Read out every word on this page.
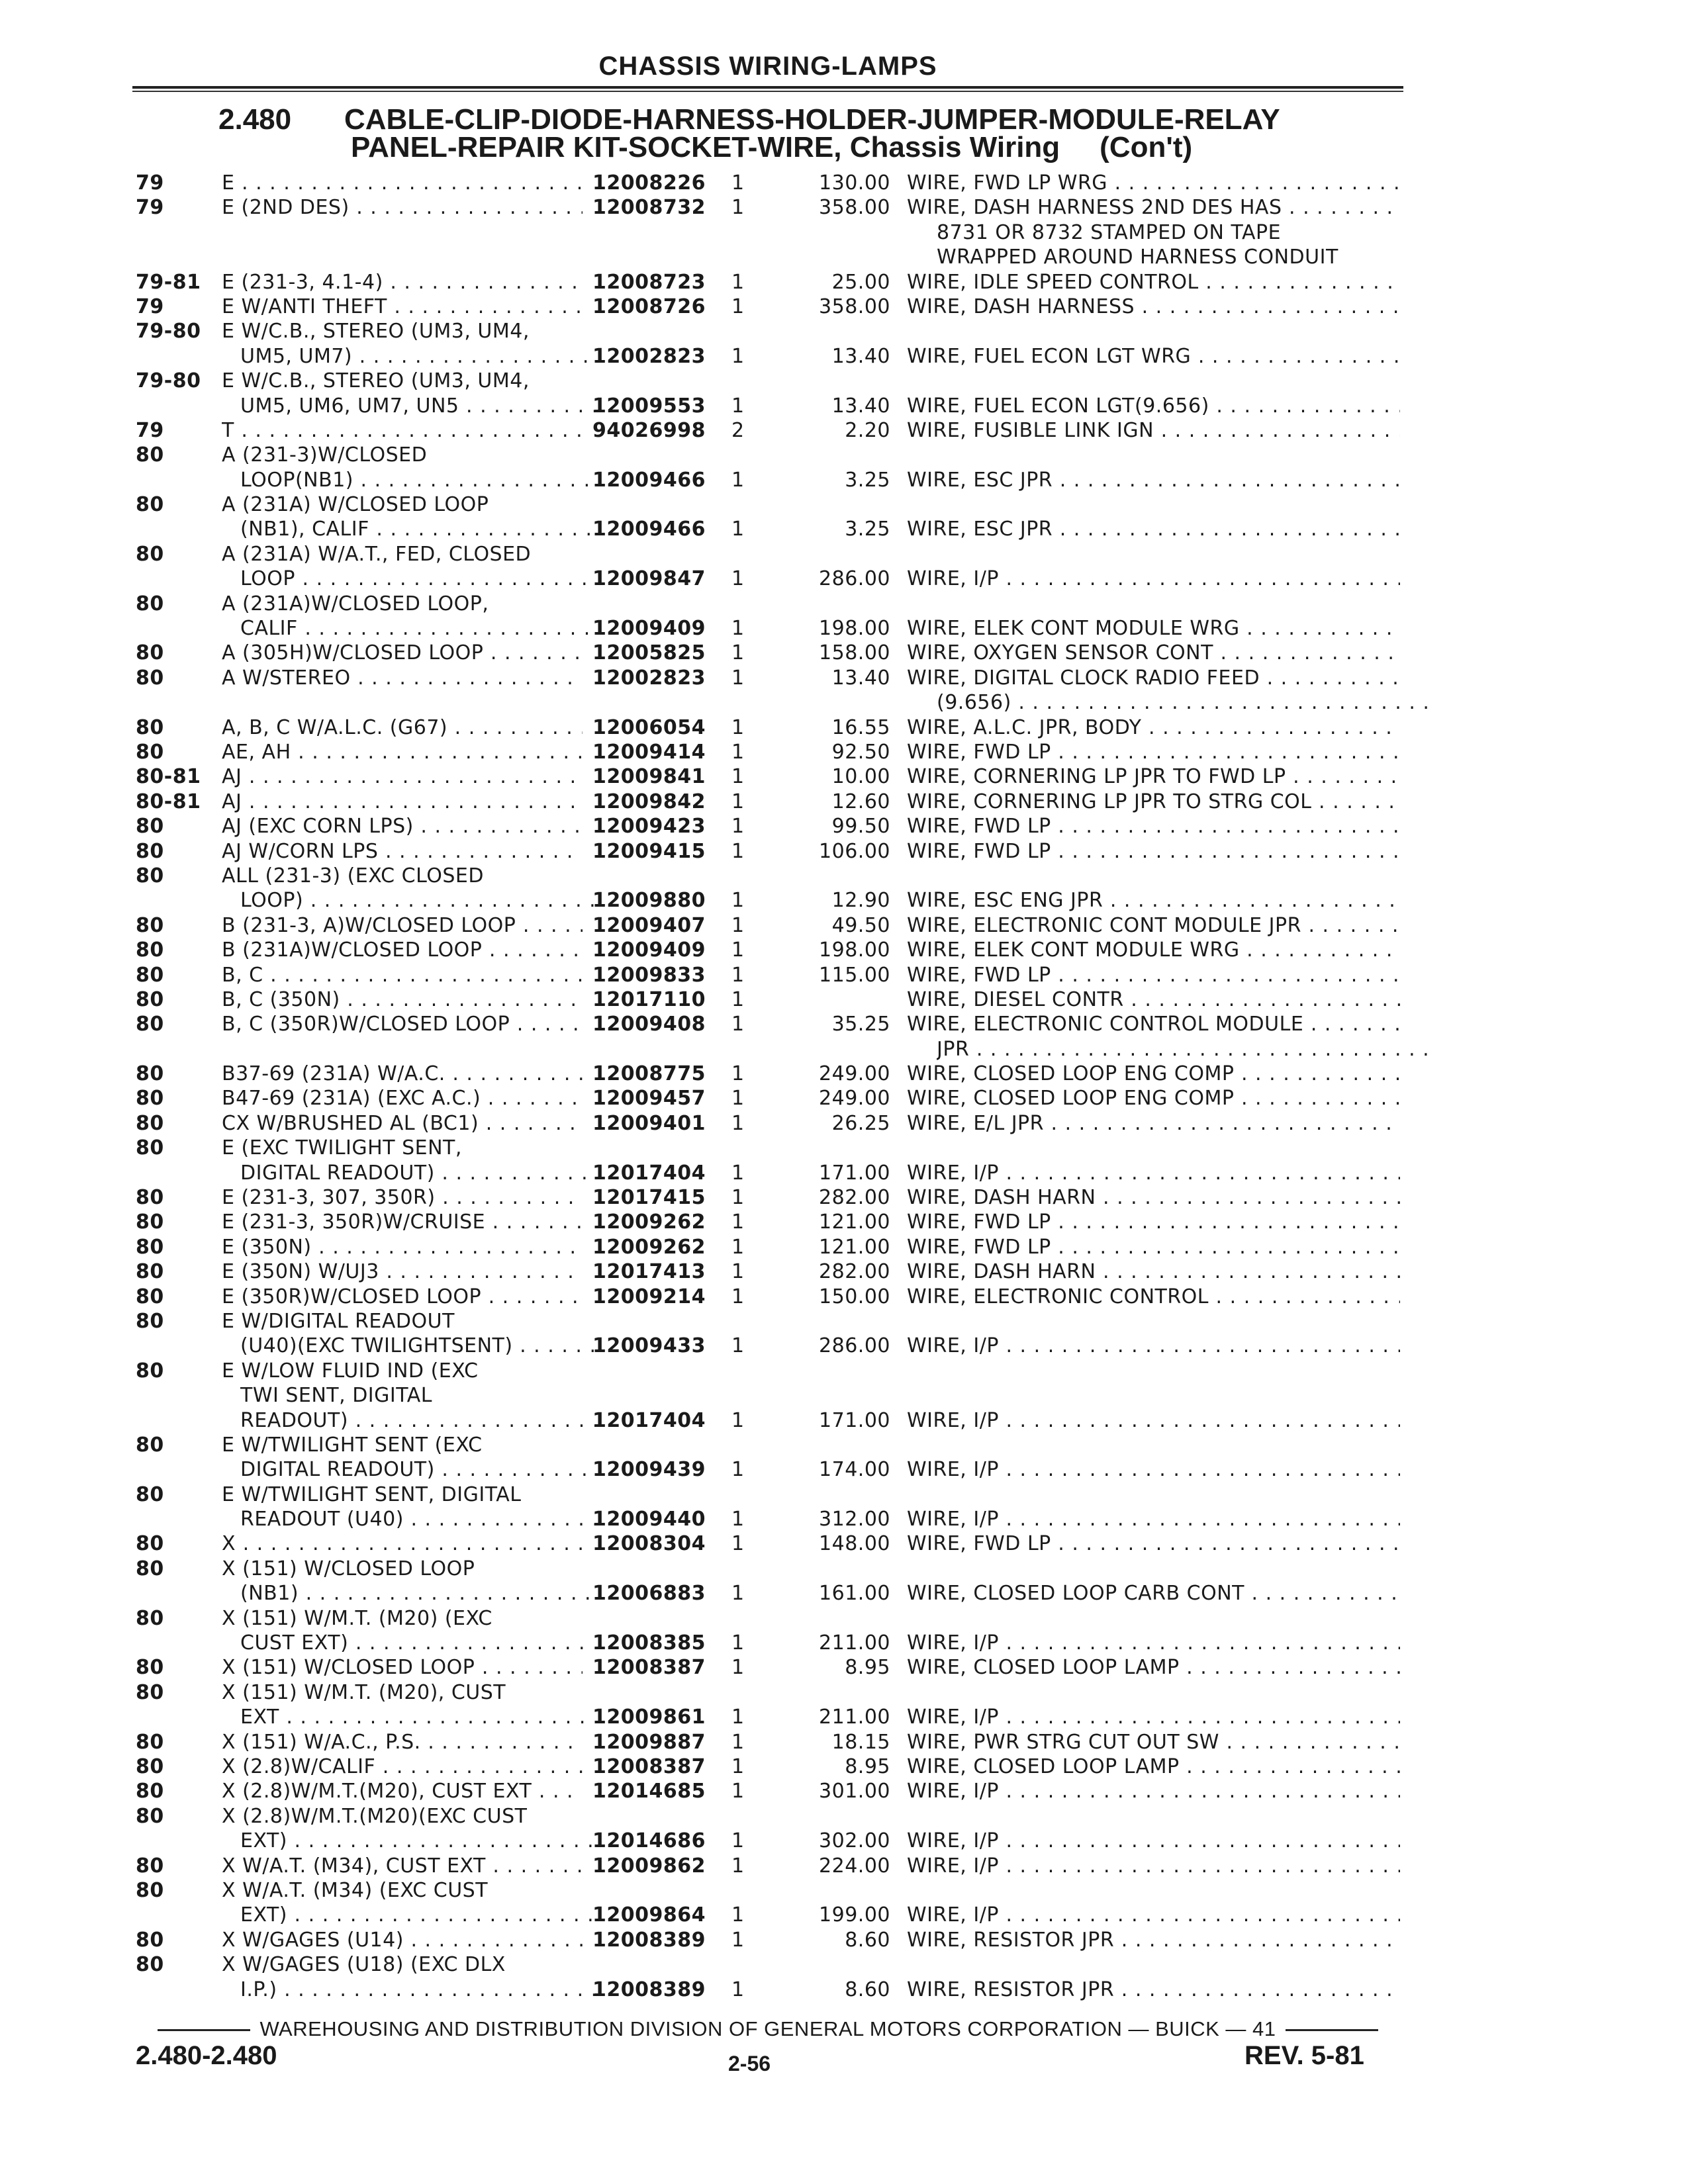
CHASSIS WIRING-LAMPS
2.480 CABLE-CLIP-DIODE-HARNESS-HOLDER-JUMPER-MODULE-RELAY
PANEL-REPAIR KIT-SOCKET-WIRE, Chassis Wiring (Con't)
79	E . . .	12008226	1	130.00 WIRE, FWD LP WRG . . .
79	E (2ND DES) . . .	12008732	1	358.00 WIRE, DASH HARNESS 2ND DES HAS . . .
8731 OR 8732 STAMPED ON TAPE
WRAPPED AROUND HARNESS CONDUIT
79-81	E (231-3, 4.1-4) . . .	12008723	1	25.00 WIRE, IDLE SPEED CONTROL . . .
79	E W/ANTI THEFT . . .	12008726	1	358.00 WIRE, DASH HARNESS . . .
79-80	E W/C.B., STEREO (UM3, UM4,
UM5, UM7) . . .	12002823	1	13.40 WIRE, FUEL ECON LGT WRG . . .
79-80	E W/C.B., STEREO (UM3, UM4,
UM5, UM6, UM7, UN5 . . .	12009553	1	13.40 WIRE, FUEL ECON LGT(9.656) . . .
79	T . . .	94026998	2	2.20 WIRE, FUSIBLE LINK IGN . . .
80	A (231-3)W/CLOSED
LOOP(NB1) . . .	12009466	1	3.25 WIRE, ESC JPR . . .
80	A (231A) W/CLOSED LOOP
(NB1), CALIF . . .	12009466	1	3.25 WIRE, ESC JPR . . .
80	A (231A) W/A.T., FED, CLOSED
LOOP . . .	12009847	1	286.00 WIRE, I/P . . .
80	A (231A)W/CLOSED LOOP,
CALIF . . .	12009409	1	198.00 WIRE, ELEK CONT MODULE WRG . . .
80	A (305H)W/CLOSED LOOP . . .	12005825	1	158.00 WIRE, OXYGEN SENSOR CONT . . .
80	A W/STEREO . . .	12002823	1	13.40 WIRE, DIGITAL CLOCK RADIO FEED . . .
(9.656) . . .
80	A, B, C W/A.L.C. (G67) . . .	12006054	1	16.55 WIRE, A.L.C. JPR, BODY . . .
80	AE, AH . . .	12009414	1	92.50 WIRE, FWD LP . . .
80-81	AJ . . .	12009841	1	10.00 WIRE, CORNERING LP JPR TO FWD LP . . .
80-81	AJ . . .	12009842	1	12.60 WIRE, CORNERING LP JPR TO STRG COL . . .
80	AJ (EXC CORN LPS) . . .	12009423	1	99.50 WIRE, FWD LP . . .
80	AJ W/CORN LPS . . .	12009415	1	106.00 WIRE, FWD LP . . .
80	ALL (231-3) (EXC CLOSED
LOOP) . . .	12009880	1	12.90 WIRE, ESC ENG JPR . . .
80	B (231-3, A)W/CLOSED LOOP . . .	12009407	1	49.50 WIRE, ELECTRONIC CONT MODULE JPR . . .
80	B (231A)W/CLOSED LOOP . . .	12009409	1	198.00 WIRE, ELEK CONT MODULE WRG . . .
80	B, C . . .	12009833	1	115.00 WIRE, FWD LP . . .
80	B, C (350N) . . .	12017110	1	WIRE, DIESEL CONTR . . .
80	B, C (350R)W/CLOSED LOOP . . .	12009408	1	35.25 WIRE, ELECTRONIC CONTROL MODULE . . .
JPR . . .
80	B37-69 (231A) W/A.C. . . .	12008775	1	249.00 WIRE, CLOSED LOOP ENG COMP . . .
80	B47-69 (231A) (EXC A.C.) . . .	12009457	1	249.00 WIRE, CLOSED LOOP ENG COMP . . .
80	CX W/BRUSHED AL (BC1) . . .	12009401	1	26.25 WIRE, E/L JPR . . .
80	E (EXC TWILIGHT SENT,
DIGITAL READOUT) . . .	12017404	1	171.00 WIRE, I/P . . .
80	E (231-3, 307, 350R) . . .	12017415	1	282.00 WIRE, DASH HARN . . .
80	E (231-3, 350R)W/CRUISE . . .	12009262	1	121.00 WIRE, FWD LP . . .
80	E (350N) . . .	12009262	1	121.00 WIRE, FWD LP . . .
80	E (350N) W/UJ3 . . .	12017413	1	282.00 WIRE, DASH HARN . . .
80	E (350R)W/CLOSED LOOP . . .	12009214	1	150.00 WIRE, ELECTRONIC CONTROL . . .
80	E W/DIGITAL READOUT
(U40)(EXC TWILIGHTSENT) . . .	12009433	1	286.00 WIRE, I/P . . .
80	E W/LOW FLUID IND (EXC
TWI SENT, DIGITAL
READOUT) . . .	12017404	1	171.00 WIRE, I/P . . .
80	E W/TWILIGHT SENT (EXC
DIGITAL READOUT) . . .	12009439	1	174.00 WIRE, I/P . . .
80	E W/TWILIGHT SENT, DIGITAL
READOUT (U40) . . .	12009440	1	312.00 WIRE, I/P . . .
80	X . . .	12008304	1	148.00 WIRE, FWD LP . . .
80	X (151) W/CLOSED LOOP
(NB1) . . .	12006883	1	161.00 WIRE, CLOSED LOOP CARB CONT . . .
80	X (151) W/M.T. (M20) (EXC
CUST EXT) . . .	12008385	1	211.00 WIRE, I/P . . .
80	X (151) W/CLOSED LOOP . . .	12008387	1	8.95 WIRE, CLOSED LOOP LAMP . . .
80	X (151) W/M.T. (M20), CUST
EXT . . .	12009861	1	211.00 WIRE, I/P . . .
80	X (151) W/A.C., P.S. . . .	12009887	1	18.15 WIRE, PWR STRG CUT OUT SW . . .
80	X (2.8)W/CALIF . . .	12008387	1	8.95 WIRE, CLOSED LOOP LAMP . . .
80	X (2.8)W/M.T.(M20), CUST EXT . . .	12014685	1	301.00 WIRE, I/P . . .
80	X (2.8)W/M.T.(M20)(EXC CUST
EXT) . . .	12014686	1	302.00 WIRE, I/P . . .
80	X W/A.T. (M34), CUST EXT . . .	12009862	1	224.00 WIRE, I/P . . .
80	X W/A.T. (M34) (EXC CUST
EXT) . . .	12009864	1	199.00 WIRE, I/P . . .
80	X W/GAGES (U14) . . .	12008389	1	8.60 WIRE, RESISTOR JPR . . .
80	X W/GAGES (U18) (EXC DLX
I.P.) . . .	12008389	1	8.60 WIRE, RESISTOR JPR . . .
WAREHOUSING AND DISTRIBUTION DIVISION OF GENERAL MOTORS CORPORATION — BUICK — 41
2.480-2.480	2-56	REV. 5-81
